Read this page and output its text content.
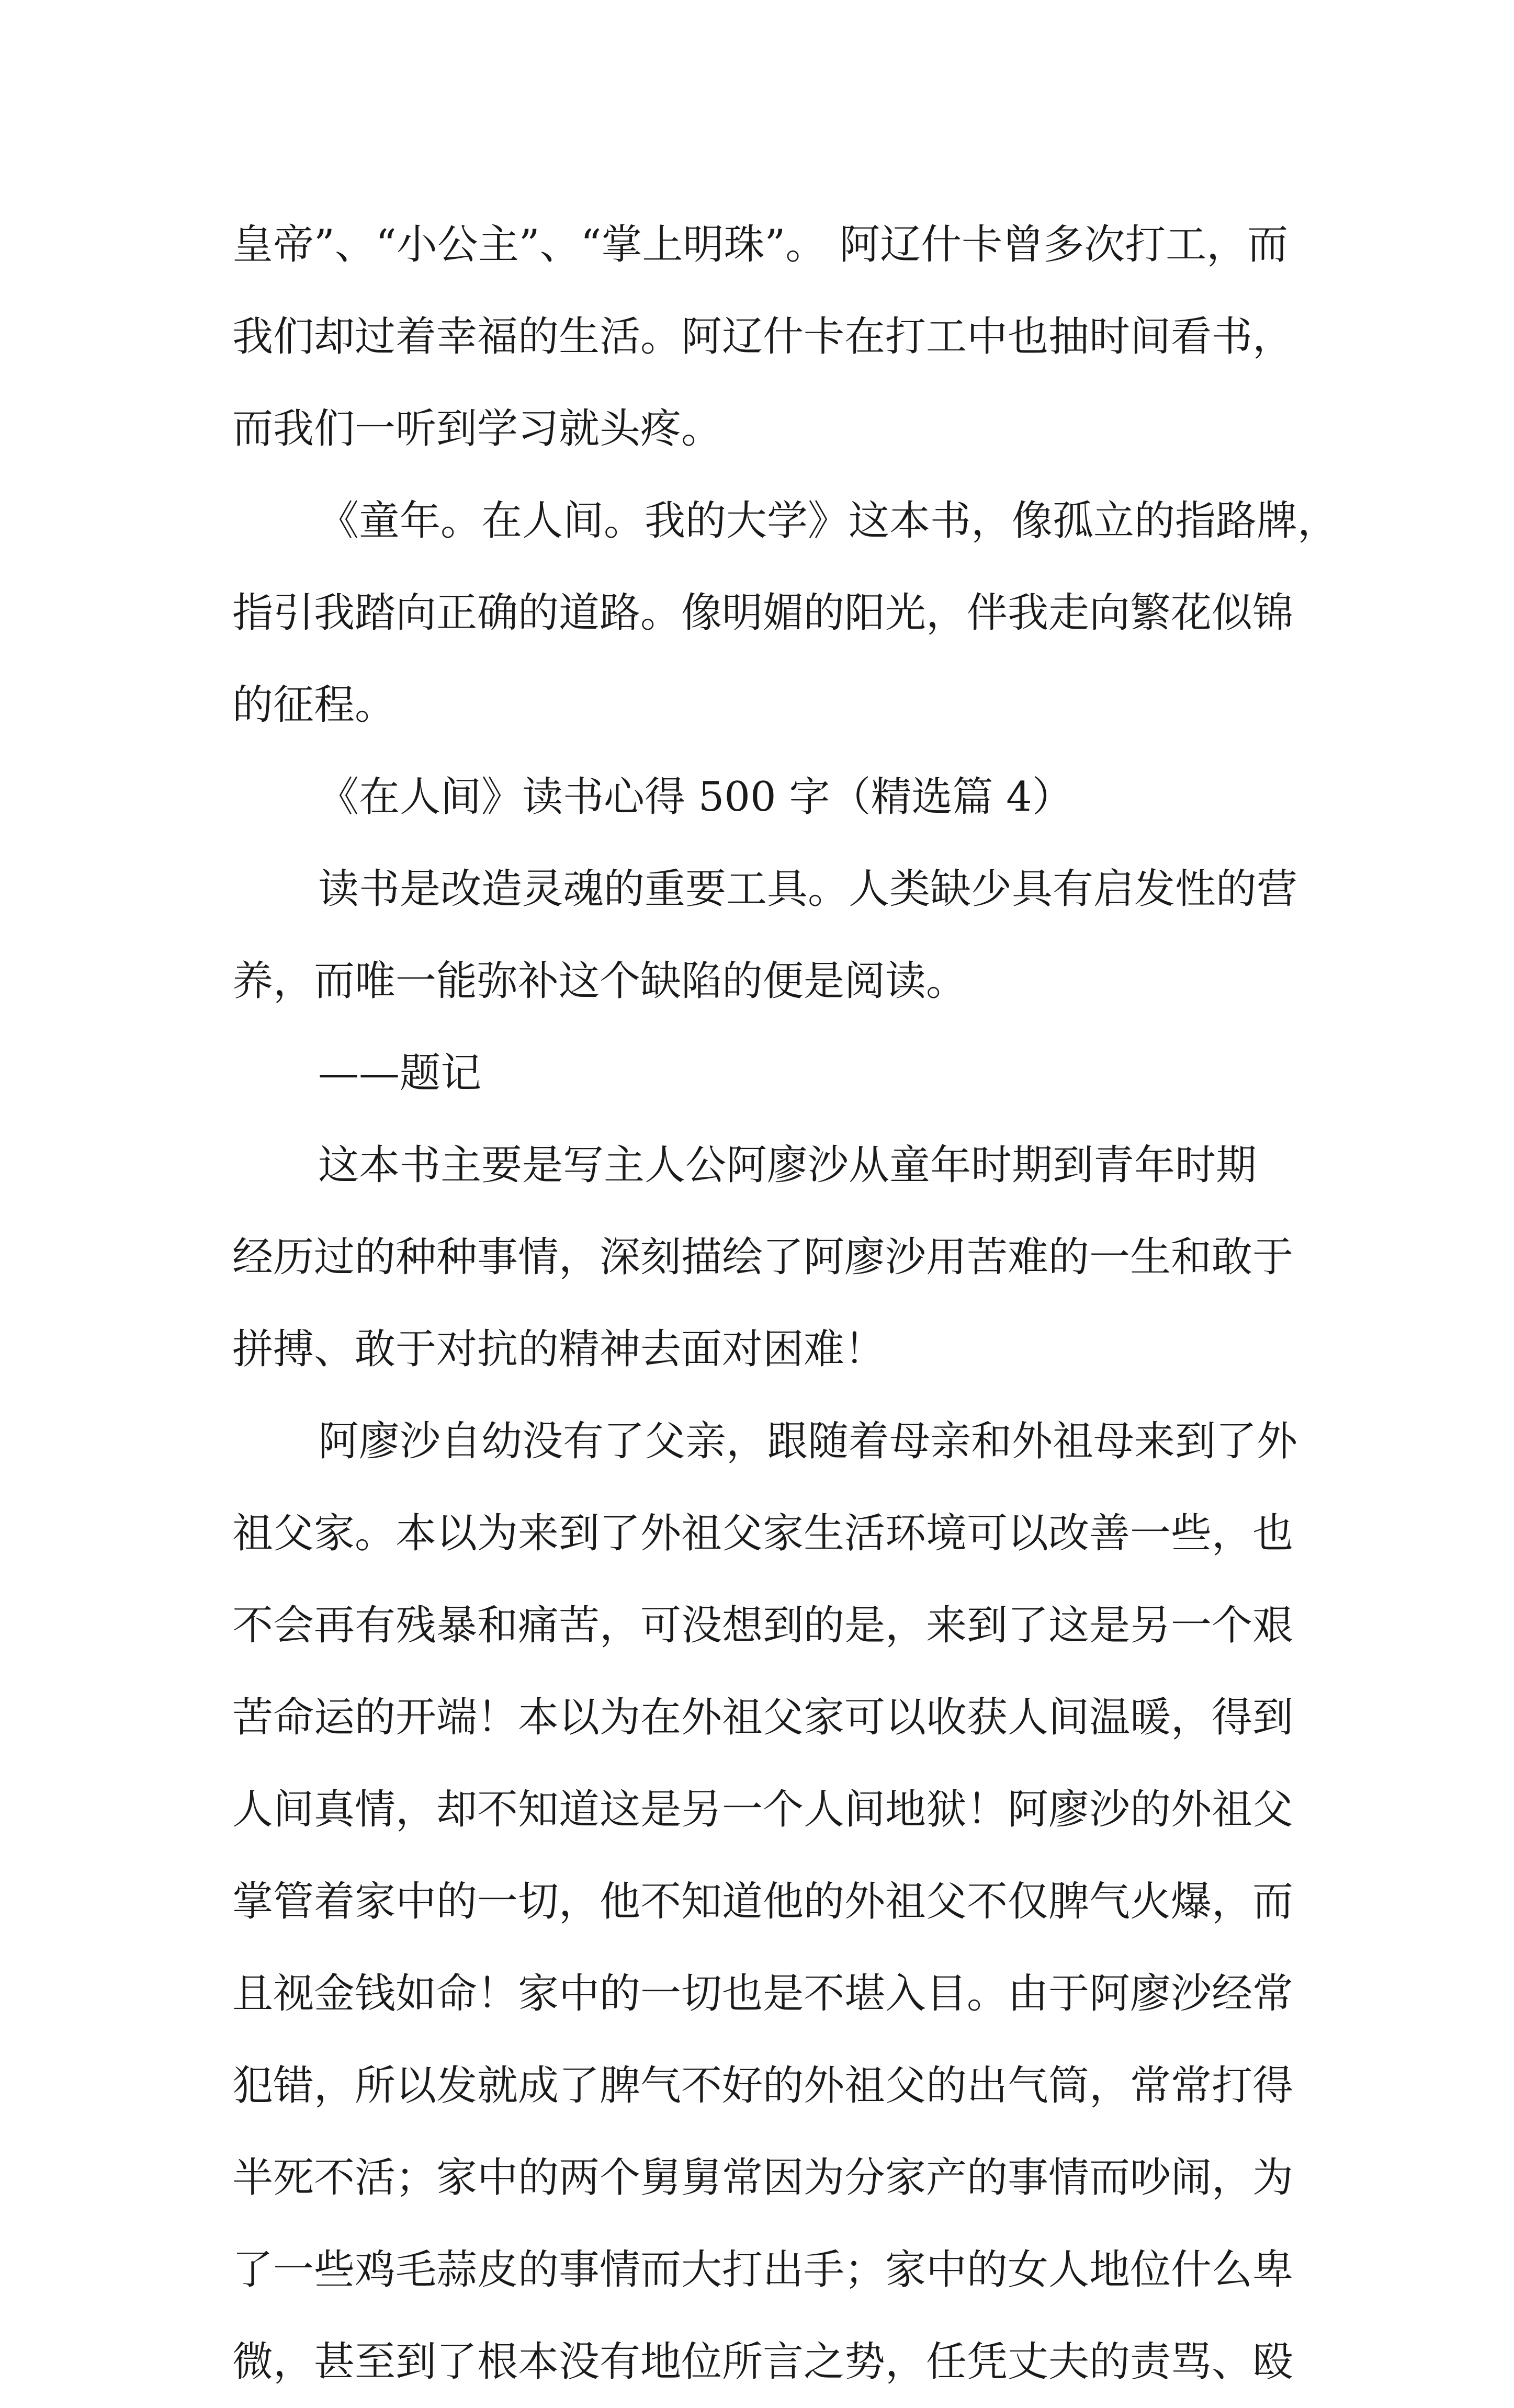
皇帝”、“小公主”、“掌上明珠”。 阿辽什卡曾多次打工，而
我们却过着幸福的生活。阿辽什卡在打工中也抽时间看书，
而我们一听到学习就头疼。
《童年。在人间。我的大学》这本书，像孤立的指路牌，
指引我踏向正确的道路。像明媚的阳光，伴我走向繁花似锦
的征程。
《在人间》读书心得 500 字（精选篇 4）
读书是改造灵魂的重要工具。人类缺少具有启发性的营
养，而唯一能弥补这个缺陷的便是阅读。
——题记
这本书主要是写主人公阿廖沙从童年时期到青年时期
经历过的种种事情，深刻描绘了阿廖沙用苦难的一生和敢于
拼搏、敢于对抗的精神去面对困难！
阿廖沙自幼没有了父亲，跟随着母亲和外祖母来到了外
祖父家。本以为来到了外祖父家生活环境可以改善一些，也
不会再有残暴和痛苦，可没想到的是，来到了这是另一个艰
苦命运的开端！本以为在外祖父家可以收获人间温暖，得到
人间真情，却不知道这是另一个人间地狱！阿廖沙的外祖父
掌管着家中的一切，他不知道他的外祖父不仅脾气火爆，而
且视金钱如命！家中的一切也是不堪入目。由于阿廖沙经常
犯错，所以发就成了脾气不好的外祖父的出气筒，常常打得
半死不活；家中的两个舅舅常因为分家产的事情而吵闹，为
了一些鸡毛蒜皮的事情而大打出手；家中的女人地位什么卑
微，甚至到了根本没有地位所言之势，任凭丈夫的责骂、殴
